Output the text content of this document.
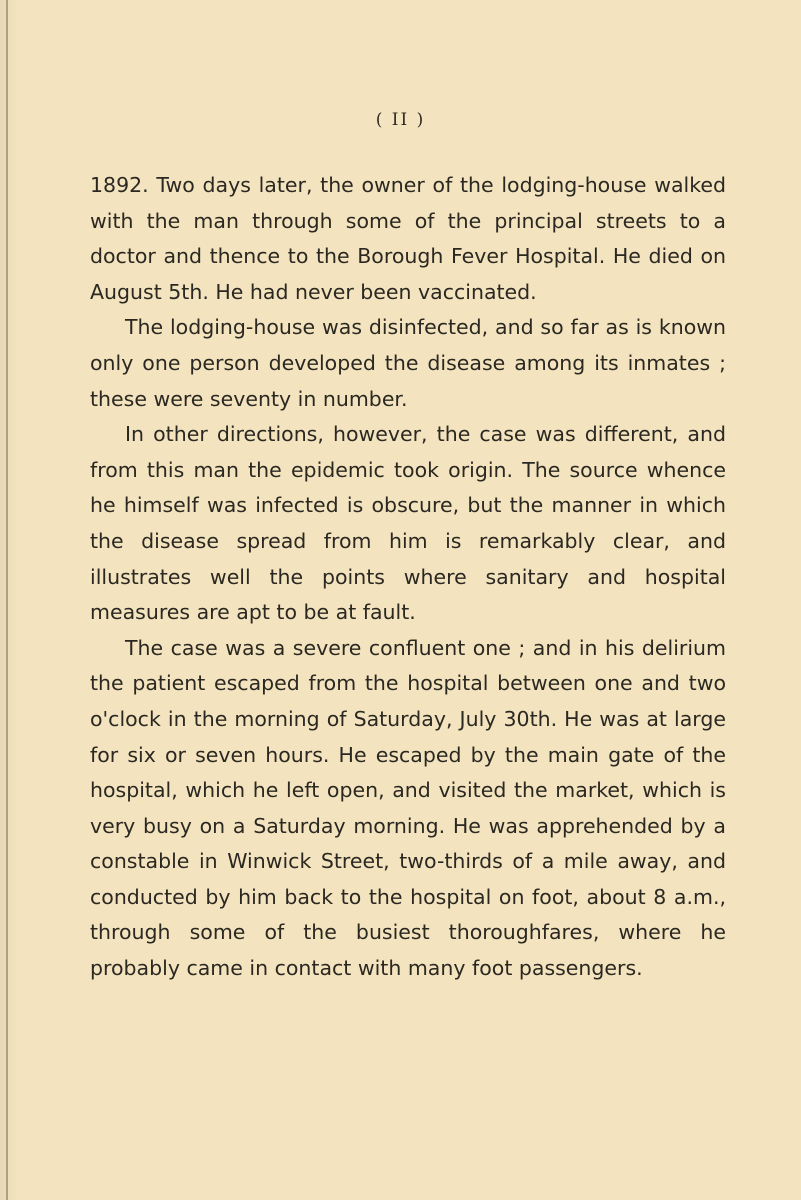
( II )

1892. Two days later, the owner of the lodging-house walked with the man through some of the principal streets to a doctor and thence to the Borough Fever Hospital. He died on August 5th. He had never been vaccinated.

The lodging-house was disinfected, and so far as is known only one person developed the disease among its inmates ; these were seventy in number.

In other directions, however, the case was different, and from this man the epidemic took origin. The source whence he himself was infected is obscure, but the manner in which the disease spread from him is remarkably clear, and illustrates well the points where sanitary and hospital measures are apt to be at fault.

The case was a severe confluent one ; and in his delirium the patient escaped from the hospital between one and two o'clock in the morning of Saturday, July 30th. He was at large for six or seven hours. He escaped by the main gate of the hospital, which he left open, and visited the market, which is very busy on a Saturday morning. He was apprehended by a constable in Winwick Street, two-thirds of a mile away, and conducted by him back to the hospital on foot, about 8 a.m., through some of the busiest thoroughfares, where he probably came in contact with many foot passengers.
